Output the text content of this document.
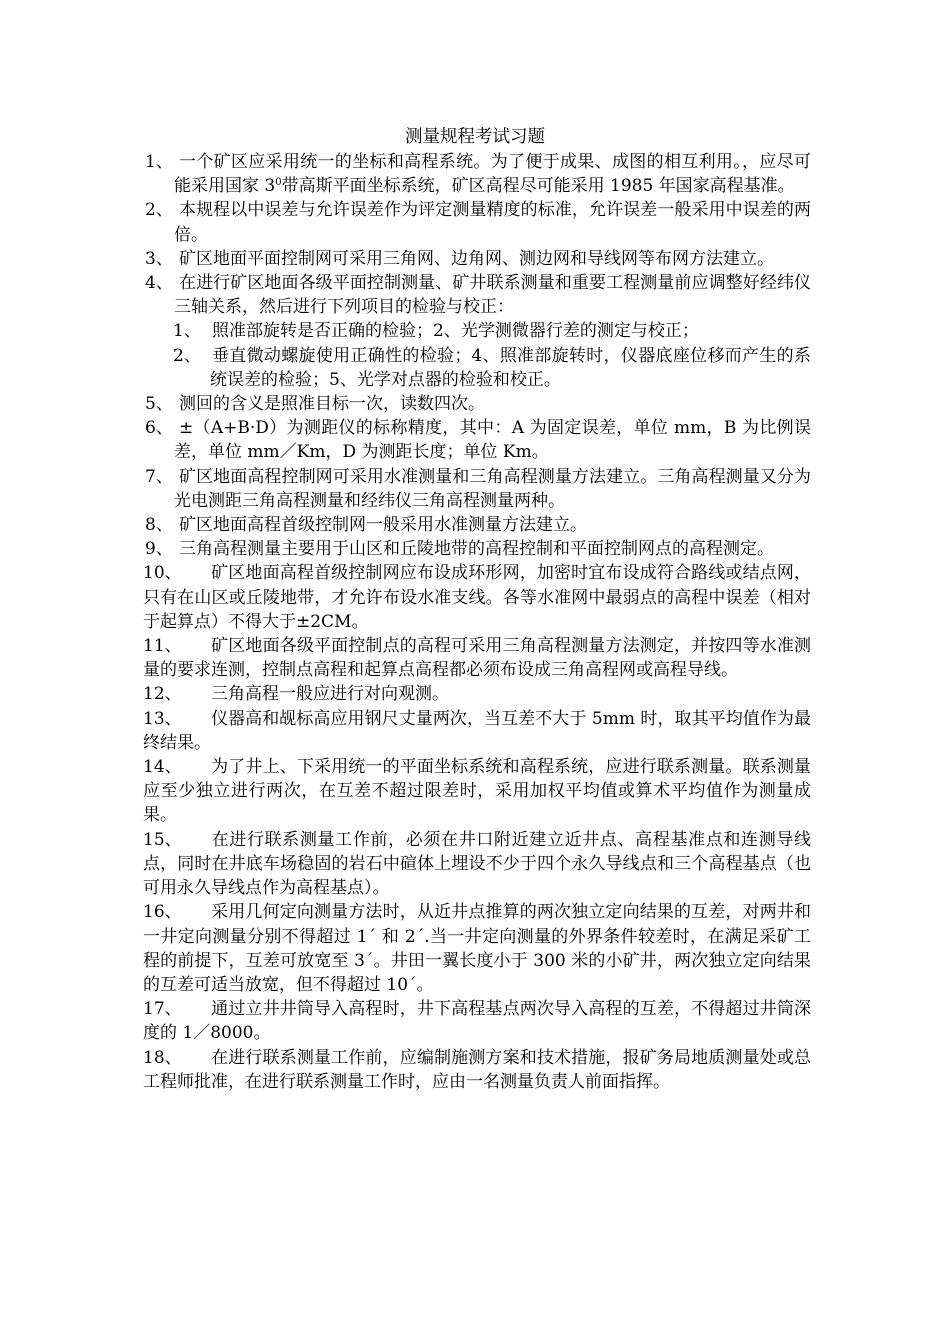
测量规程考试习题

1、 一个矿区应采用统一的坐标和高程系统。为了便于成果、成图的相互利用。，应尽可能采用国家 $3^0$带高斯平面坐标系统，矿区高程尽可能采用 1985 年国家高程基准。

2、 本规程以中误差与允许误差作为评定测量精度的标准，允许误差一般采用中误差的两倍。

3、 矿区地面平面控制网可采用三角网、边角网、测边网和导线网等布网方法建立。

4、 在进行矿区地面各级平面控制测量、矿井联系测量和重要工程测量前应调整好经纬仪三轴关系，然后进行下列项目的检验与校正：

1、 照准部旋转是否正确的检验；2、光学测微器行差的测定与校正；

2、 垂直微动螺旋使用正确性的检验；4、照准部旋转时，仪器底座位移而产生的系统误差的检验；5、光学对点器的检验和校正。

5、 测回的含义是照准目标一次，读数四次。

6、 ±（A+B·D）为测距仪的标称精度，其中：A 为固定误差，单位 mm，B 为比例误差，单位 mm／Km，D 为测距长度；单位 Km。

7、 矿区地面高程控制网可采用水准测量和三角高程测量方法建立。三角高程测量又分为光电测距三角高程测量和经纬仪三角高程测量两种。

8、 矿区地面高程首级控制网一般采用水准测量方法建立。

9、 三角高程测量主要用于山区和丘陵地带的高程控制和平面控制网点的高程测定。

10、 矿区地面高程首级控制网应布设成环形网，加密时宜布设成符合路线或结点网，只有在山区或丘陵地带，才允许布设水准支线。各等水准网中最弱点的高程中误差（相对于起算点）不得大于±2CM。

11、 矿区地面各级平面控制点的高程可采用三角高程测量方法测定，并按四等水准测量的要求连测，控制点高程和起算点高程都必须布设成三角高程网或高程导线。

12、 三角高程一般应进行对向观测。

13、 仪器高和觇标高应用钢尺丈量两次，当互差不大于 5mm 时，取其平均值作为最终结果。

14、 为了井上、下采用统一的平面坐标系统和高程系统，应进行联系测量。联系测量应至少独立进行两次，在互差不超过限差时，采用加权平均值或算术平均值作为测量成果。

15、 在进行联系测量工作前，必须在井口附近建立近井点、高程基准点和连测导线点，同时在井底车场稳固的岩石中碹体上埋设不少于四个永久导线点和三个高程基点（也可用永久导线点作为高程基点）。

16、 采用几何定向测量方法时，从近井点推算的两次独立定向结果的互差，对两井和一井定向测量分别不得超过 1´ 和 2´.当一井定向测量的外界条件较差时，在满足采矿工程的前提下，互差可放宽至 3´。井田一翼长度小于 300 米的小矿井，两次独立定向结果的互差可适当放宽，但不得超过 10´。

17、 通过立井井筒导入高程时，井下高程基点两次导入高程的互差，不得超过井筒深度的 1／8000。

18、 在进行联系测量工作前，应编制施测方案和技术措施，报矿务局地质测量处或总工程师批准，在进行联系测量工作时，应由一名测量负责人前面指挥。
